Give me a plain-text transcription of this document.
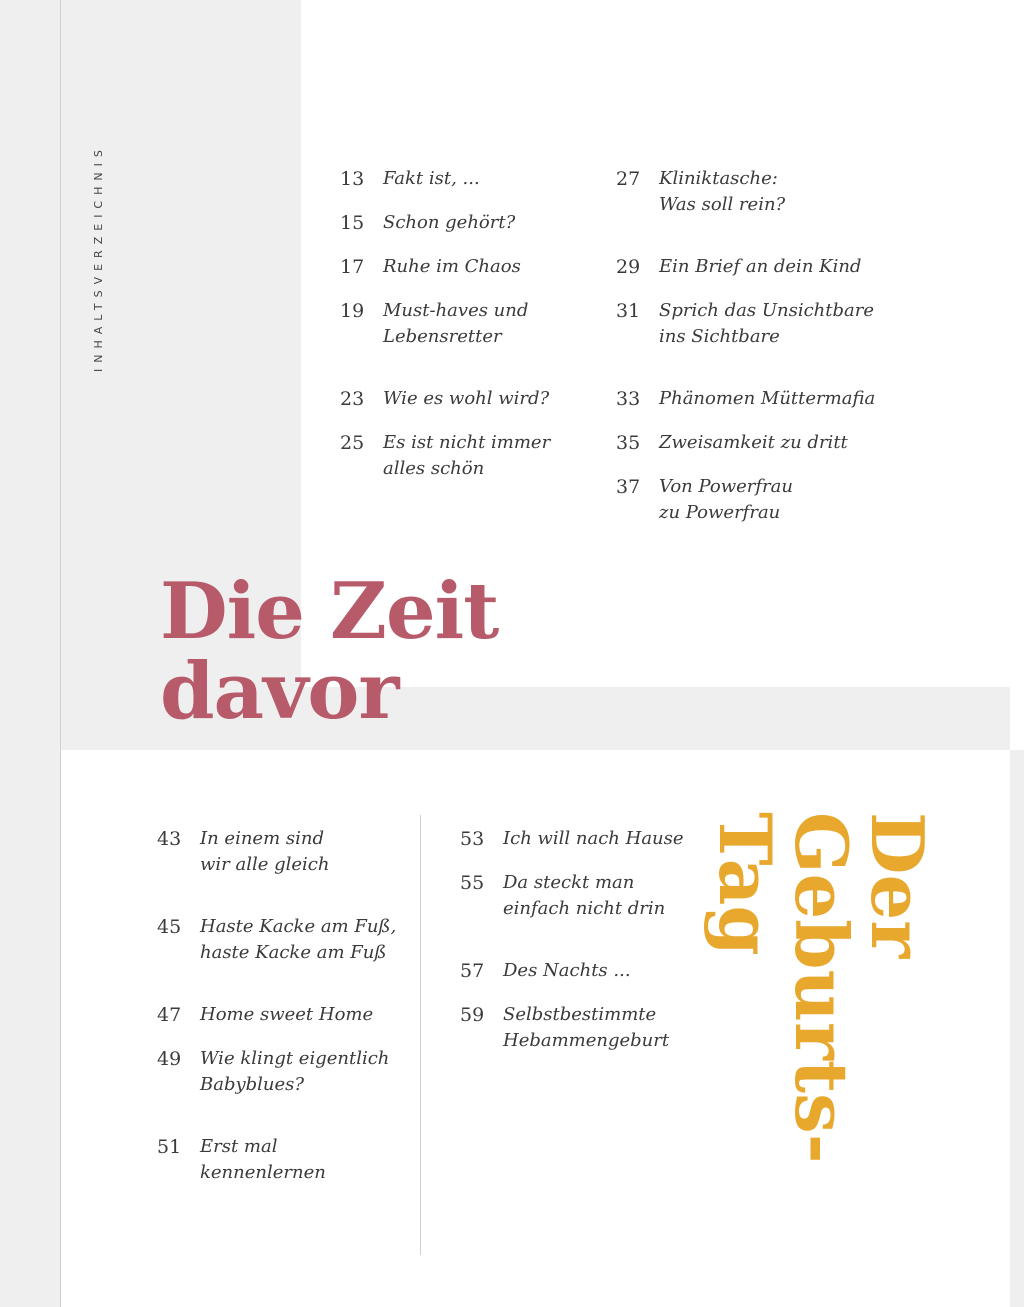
INHALTSVERZEICHNIS	13 Fakt ist, ...
15 Schon gehört?
17 Ruhe im Chaos
19 Must-haves und
Lebensretter
23 Wie es wohl wird?
25 Es ist nicht immer
alles schön
27 Kliniktasche:
Was soll rein?
29 Ein Brief an dein Kind
31 Sprich das Unsichtbare
ins Sichtbare
33 Phänomen Müttermafia
35 Zweisamkeit zu dritt
37 Von Powerfrau
zu Powerfrau
Die Zeit
davor
43 In einem sind
wir alle gleich
45 Haste Kacke am Fuß,
haste Kacke am Fuß
47 Home sweet Home
49 Wie klingt eigentlich
Babyblues?
51 Erst mal
kennenlernen
53 Ich will nach Hause
55 Da steckt man
einfach nicht drin
57 Des Nachts ...
59 Selbstbestimmte
Hebammengeburt
Der
Geburts-
Tag
